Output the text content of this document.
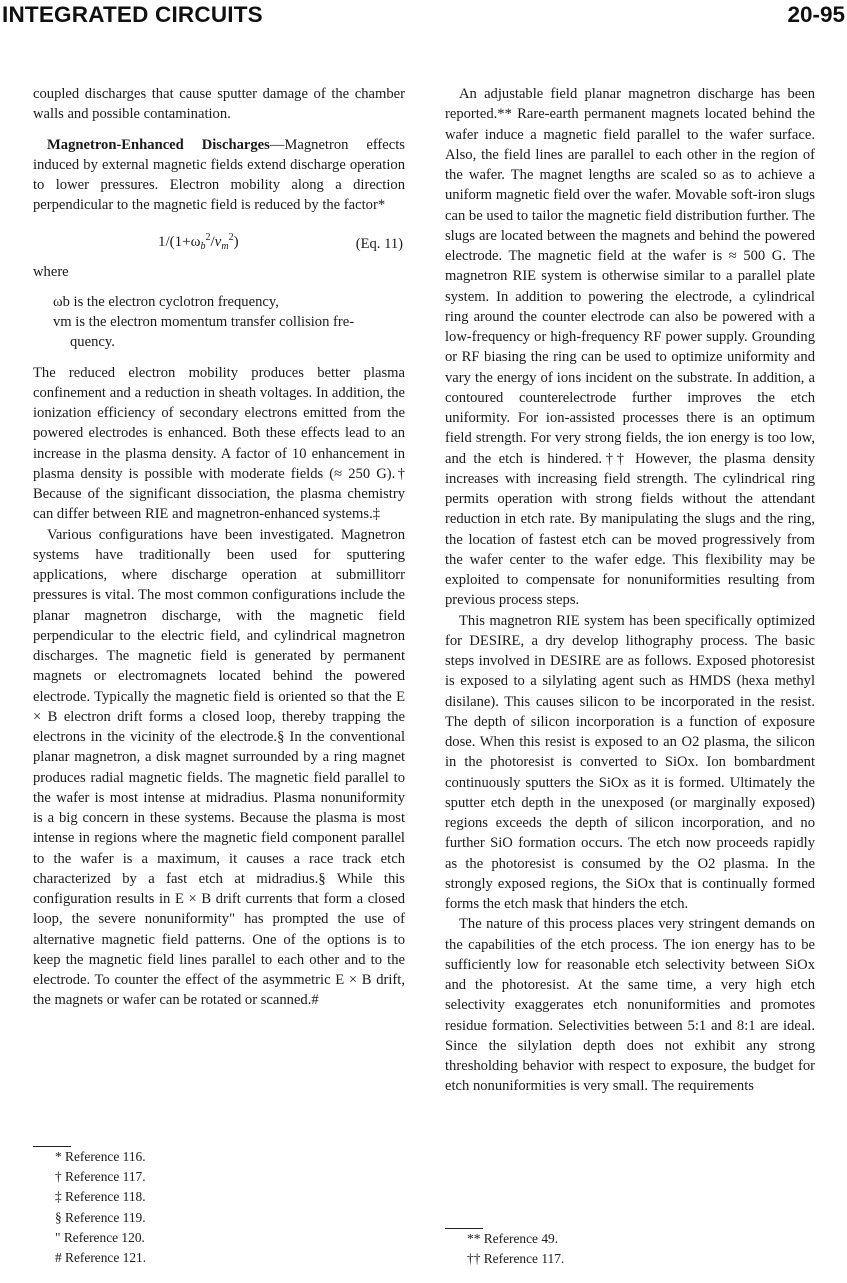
INTEGRATED CIRCUITS	20-95

coupled discharges that cause sputter damage of the chamber walls and possible contamination.

Magnetron-Enhanced Discharges—Magnetron effects induced by external magnetic fields extend discharge operation to lower pressures. Electron mobility along a direction perpendicular to the magnetic field is reduced by the factor*

$1/(1+\omega_b^2/v_m^2)$	(Eq. 11)

where

ωb is the electron cyclotron frequency,

vm is the electron momentum transfer collision fre-

quency.

The reduced electron mobility produces better plasma confinement and a reduction in sheath voltages. In addition, the ionization efficiency of secondary electrons emitted from the powered electrodes is enhanced. Both these effects lead to an increase in the plasma density. A factor of 10 enhancement in plasma density is possible with moderate fields (≈ 250 G).† Because of the significant dissociation, the plasma chemistry can differ between RIE and magnetron-enhanced systems.‡

Various configurations have been investigated. Magnetron systems have traditionally been used for sputtering applications, where discharge operation at submillitorr pressures is vital. The most common configurations include the planar magnetron discharge, with the magnetic field perpendicular to the electric field, and cylindrical magnetron discharges. The magnetic field is generated by permanent magnets or electromagnets located behind the powered electrode. Typically the magnetic field is oriented so that the E × B electron drift forms a closed loop, thereby trapping the electrons in the vicinity of the electrode.§ In the conventional planar magnetron, a disk magnet surrounded by a ring magnet produces radial magnetic fields. The magnetic field parallel to the wafer is most intense at midradius. Plasma nonuniformity is a big concern in these systems. Because the plasma is most intense in regions where the magnetic field component parallel to the wafer is a maximum, it causes a race track etch characterized by a fast etch at midradius.§ While this configuration results in E × B drift currents that form a closed loop, the severe nonuniformity" has prompted the use of alternative magnetic field patterns. One of the options is to keep the magnetic field lines parallel to each other and to the electrode. To counter the effect of the asymmetric E × B drift, the magnets or wafer can be rotated or scanned.#

* Reference 116.
† Reference 117.
‡ Reference 118.
§ Reference 119.
" Reference 120.
# Reference 121.

An adjustable field planar magnetron discharge has been reported.** Rare-earth permanent magnets located behind the wafer induce a magnetic field parallel to the wafer surface. Also, the field lines are parallel to each other in the region of the wafer. The magnet lengths are scaled so as to achieve a uniform magnetic field over the wafer. Movable soft-iron slugs can be used to tailor the magnetic field distribution further. The slugs are located between the magnets and behind the powered electrode. The magnetic field at the wafer is ≈ 500 G. The magnetron RIE system is otherwise similar to a parallel plate system. In addition to powering the electrode, a cylindrical ring around the counter electrode can also be powered with a low-frequency or high-frequency RF power supply. Grounding or RF biasing the ring can be used to optimize uniformity and vary the energy of ions incident on the substrate. In addition, a contoured counterelectrode further improves the etch uniformity. For ion-assisted processes there is an optimum field strength. For very strong fields, the ion energy is too low, and the etch is hindered.†† However, the plasma density increases with increasing field strength. The cylindrical ring permits operation with strong fields without the attendant reduction in etch rate. By manipulating the slugs and the ring, the location of fastest etch can be moved progressively from the wafer center to the wafer edge. This flexibility may be exploited to compensate for nonuniformities resulting from previous process steps.

This magnetron RIE system has been specifically optimized for DESIRE, a dry develop lithography process. The basic steps involved in DESIRE are as follows. Exposed photoresist is exposed to a silylating agent such as HMDS (hexa methyl disilane). This causes silicon to be incorporated in the resist. The depth of silicon incorporation is a function of exposure dose. When this resist is exposed to an O2 plasma, the silicon in the photoresist is converted to SiOx. Ion bombardment continuously sputters the SiOx as it is formed. Ultimately the sputter etch depth in the unexposed (or marginally exposed) regions exceeds the depth of silicon incorporation, and no further SiO formation occurs. The etch now proceeds rapidly as the photoresist is consumed by the O2 plasma. In the strongly exposed regions, the SiOx that is continually formed forms the etch mask that hinders the etch.

The nature of this process places very stringent demands on the capabilities of the etch process. The ion energy has to be sufficiently low for reasonable etch selectivity between SiOx and the photoresist. At the same time, a very high etch selectivity exaggerates etch nonuniformities and promotes residue formation. Selectivities between 5:1 and 8:1 are ideal. Since the silylation depth does not exhibit any strong thresholding behavior with respect to exposure, the budget for etch nonuniformities is very small. The requirements

** Reference 49.
†† Reference 117.
